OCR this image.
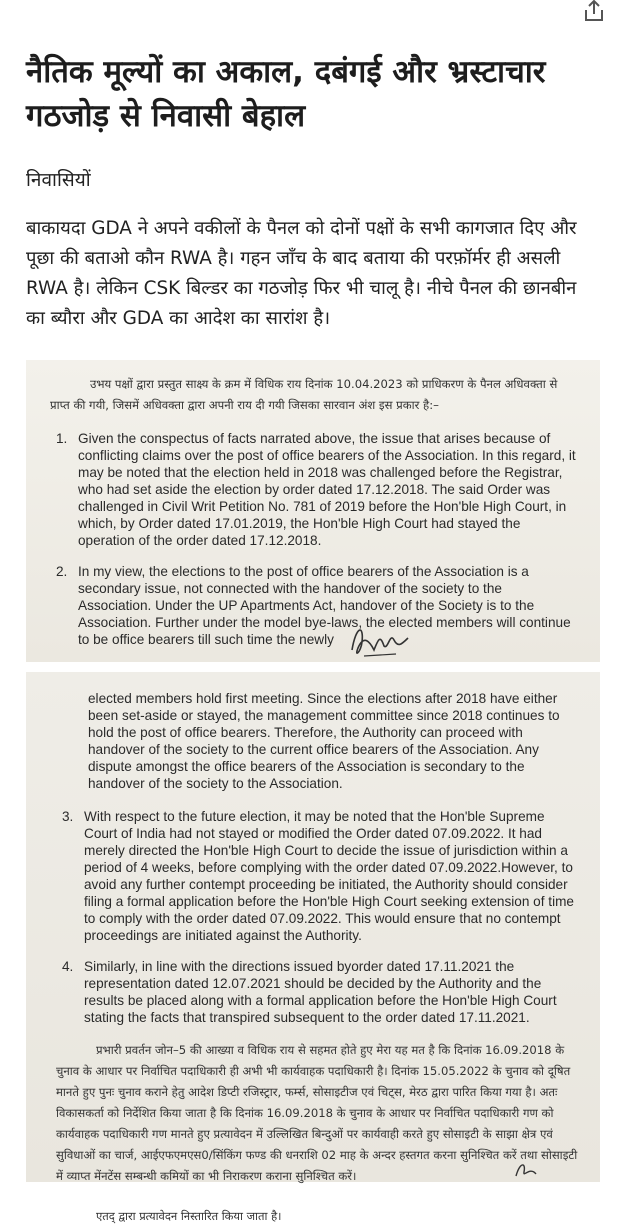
नैतिक मूल्यों का अकाल, दबंगई और भ्रस्टाचार गठजोड़ से निवासी बेहाल
निवासियों
बाकायदा GDA ने अपने वकीलों के पैनल को दोनों पक्षों के सभी कागजात दिए और पूछा की बताओ कौन RWA है। गहन जाँच के बाद बताया की परफ़ॉर्मर ही असली RWA है। लेकिन CSK बिल्डर का गठजोड़ फिर भी चालू है। नीचे पैनल की छानबीन का ब्यौरा और GDA का आदेश का सारांश है।
उभय पक्षों द्वारा प्रस्तुत साक्ष्य के क्रम में विधिक राय दिनांक 10.04.2023 को प्राधिकरण के पैनल अधिवक्ता से प्राप्त की गयी, जिसमें अधिवक्ता द्वारा अपनी राय दी गयी जिसका सारवान अंश इस प्रकार है:–
1. Given the conspectus of facts narrated above, the issue that arises because of conflicting claims over the post of office bearers of the Association. In this regard, it may be noted that the election held in 2018 was challenged before the Registrar, who had set aside the election by order dated 17.12.2018. The said Order was challenged in Civil Writ Petition No. 781 of 2019 before the Hon'ble High Court, in which, by Order dated 17.01.2019, the Hon'ble High Court had stayed the operation of the order dated 17.12.2018.
2. In my view, the elections to the post of office bearers of the Association is a secondary issue, not connected with the handover of the society to the Association. Under the UP Apartments Act, handover of the Society is to the Association. Further under the model bye-laws, the elected members will continue to be office bearers till such time the newly

elected members hold first meeting. Since the elections after 2018 have either been set-aside or stayed, the management committee since 2018 continues to hold the post of office bearers. Therefore, the Authority can proceed with handover of the society to the current office bearers of the Association. Any dispute amongst the office bearers of the Association is secondary to the handover of the society to the Association.

3. With respect to the future election, it may be noted that the Hon'ble Supreme Court of India had not stayed or modified the Order dated 07.09.2022. It had merely directed the Hon'ble High Court to decide the issue of jurisdiction within a period of 4 weeks, before complying with the order dated 07.09.2022.However, to avoid any further contempt proceeding be initiated, the Authority should consider filing a formal application before the Hon'ble High Court seeking extension of time to comply with the order dated 07.09.2022. This would ensure that no contempt proceedings are initiated against the Authority.
4. Similarly, in line with the directions issued byorder dated 17.11.2021 the representation dated 12.07.2021 should be decided by the Authority and the results be placed along with a formal application before the Hon'ble High Court stating the facts that transpired subsequent to the order dated 17.11.2021.
प्रभारी प्रवर्तन जोन–5 की आख्या व विधिक राय से सहमत होते हुए मेरा यह मत है कि दिनांक 16.09.2018 के चुनाव के आधार पर निर्वाचित पदाधिकारी ही अभी भी कार्यवाहक पदाधिकारी है। दिनांक 15.05.2022 के चुनाव को दूषित मानते हुए पुनः चुनाव कराने हेतु आदेश डिप्टी रजिस्ट्रार, फर्म्स, सोसाइटीज एवं चिट्स, मेरठ द्वारा पारित किया गया है। अतः विकासकर्ता को निर्देशित किया जाता है कि दिनांक 16.09.2018 के चुनाव के आधार पर निर्वाचित पदाधिकारी गण को कार्यवाहक पदाधिकारी गण मानते हुए प्रत्यावेदन में उल्लिखित बिन्दुओं पर कार्यवाही करते हुए सोसाइटी के साझा क्षेत्र एवं सुविधाओं का चार्ज, आईएफएमएस0/सिंकिंग फण्ड की धनराशि 02 माह के अन्दर हस्तगत करना सुनिश्चित करें तथा सोसाइटी में व्याप्त मेंनटेंस सम्बन्धी कमियों का भी निराकरण कराना सुनिश्चित करें।
एतद् द्वारा प्रत्यावेदन निस्तारित किया जाता है।
